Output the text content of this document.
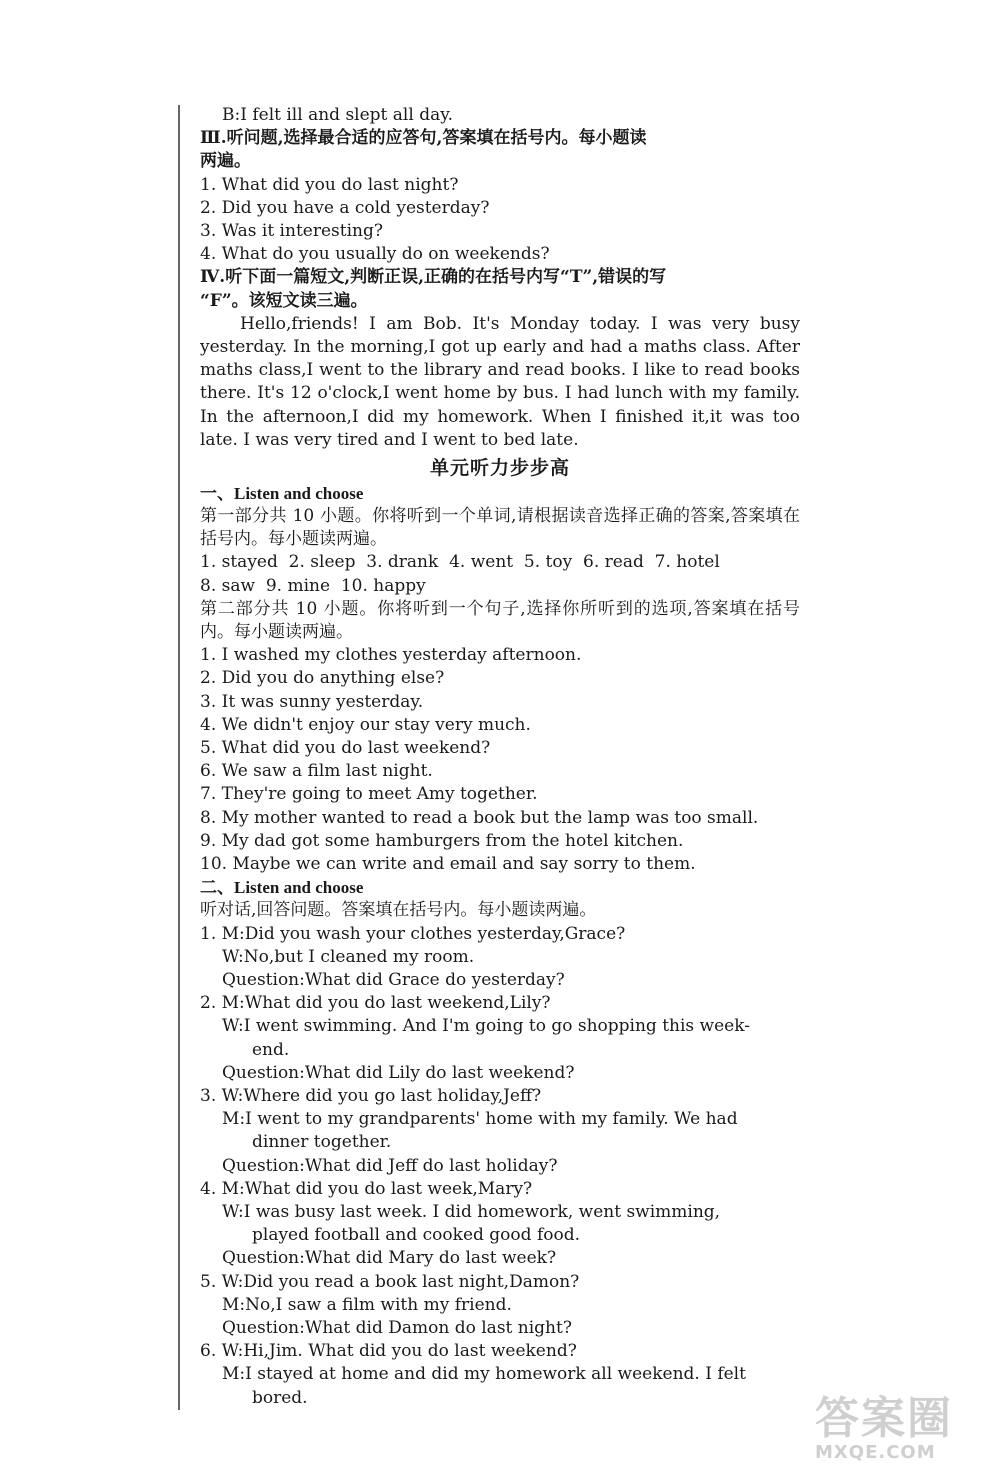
B:I felt ill and slept all day.
Ⅲ.听问题,选择最合适的应答句,答案填在括号内。每小题读
两遍。
1. What did you do last night?
2. Did you have a cold yesterday?
3. Was it interesting?
4. What do you usually do on weekends?
Ⅳ.听下面一篇短文,判断正误,正确的在括号内写“T”,错误的写
“F”。该短文读三遍。
Hello,friends! I am Bob. It's Monday today. I was very busy yesterday. In the morning,I got up early and had a maths class. After maths class,I went to the library and read books. I like to read books there. It's 12 o'clock,I went home by bus. I had lunch with my family. In the afternoon,I did my homework. When I finished it,it was too late. I was very tired and I went to bed late.
单元听力步步高
一、Listen and choose
第一部分共 10 小题。你将听到一个单词,请根据读音选择正确的答案,答案填在括号内。每小题读两遍。
1. stayed  2. sleep  3. drank  4. went  5. toy  6. read  7. hotel
8. saw  9. mine  10. happy
第二部分共 10 小题。你将听到一个句子,选择你所听到的选项,答案填在括号内。每小题读两遍。
1. I washed my clothes yesterday afternoon.
2. Did you do anything else?
3. It was sunny yesterday.
4. We didn't enjoy our stay very much.
5. What did you do last weekend?
6. We saw a film last night.
7. They're going to meet Amy together.
8. My mother wanted to read a book but the lamp was too small.
9. My dad got some hamburgers from the hotel kitchen.
10. Maybe we can write and email and say sorry to them.
二、Listen and choose
听对话,回答问题。答案填在括号内。每小题读两遍。
1. M:Did you wash your clothes yesterday,Grace?
W:No,but I cleaned my room.
Question:What did Grace do yesterday?
2. M:What did you do last weekend,Lily?
W:I went swimming. And I'm going to go shopping this week-
end.
Question:What did Lily do last weekend?
3. W:Where did you go last holiday,Jeff?
M:I went to my grandparents' home with my family. We had
dinner together.
Question:What did Jeff do last holiday?
4. M:What did you do last week,Mary?
W:I was busy last week. I did homework, went swimming,
played football and cooked good food.
Question:What did Mary do last week?
5. W:Did you read a book last night,Damon?
M:No,I saw a film with my friend.
Question:What did Damon do last night?
6. W:Hi,Jim. What did you do last weekend?
M:I stayed at home and did my homework all weekend. I felt
bored.	答案圈
MXQE.COM
